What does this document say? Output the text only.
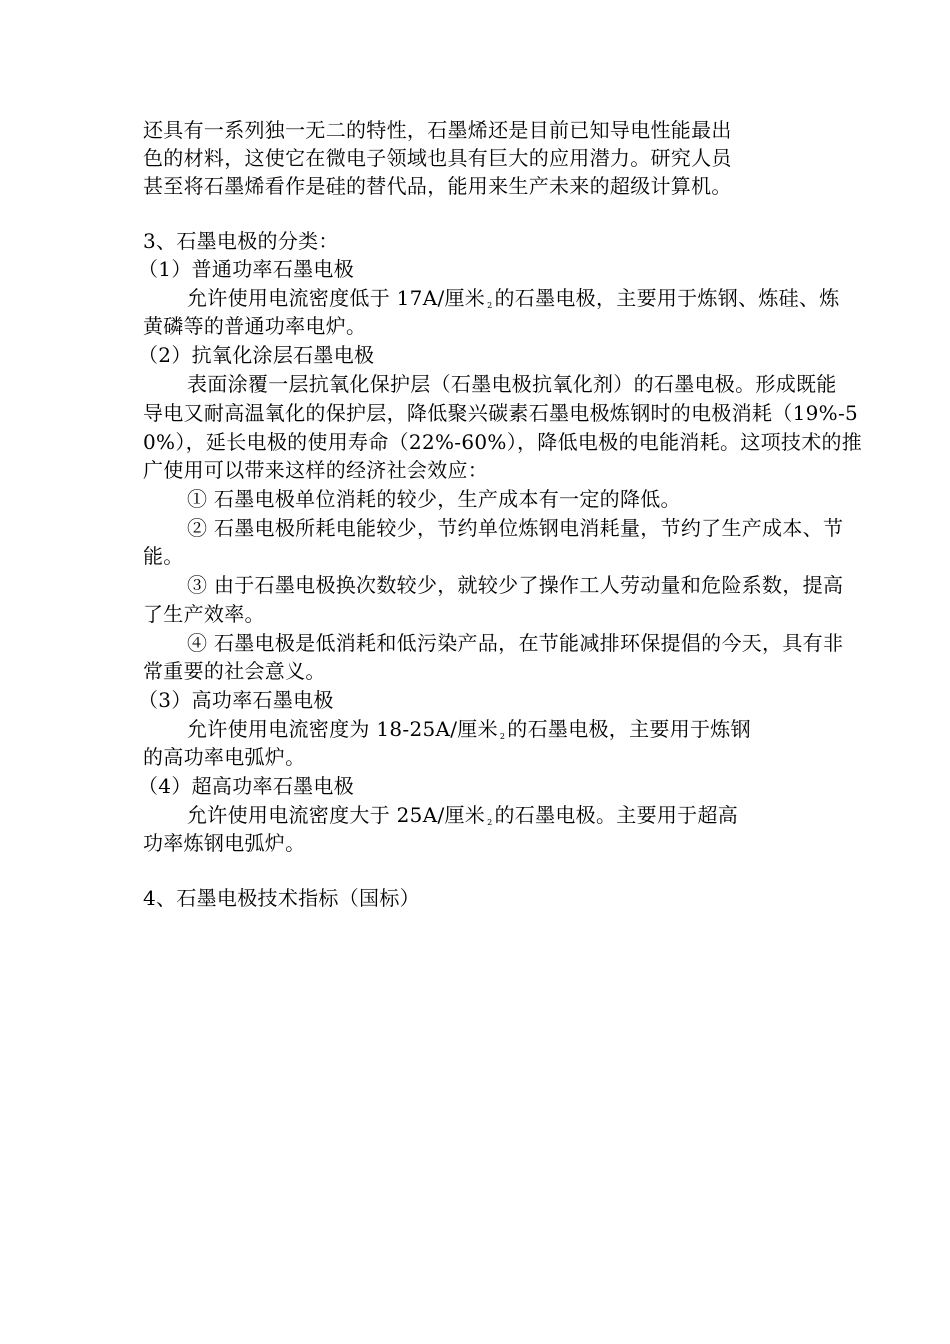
还具有一系列独一无二的特性，石墨烯还是目前已知导电性能最出
色的材料，这使它在微电子领域也具有巨大的应用潜力。研究人员
甚至将石墨烯看作是硅的替代品，能用来生产未来的超级计算机。
3、石墨电极的分类：
（1）普通功率石墨电极
允许使用电流密度低于 17A/厘米 $_2$ 的石墨电极，主要用于炼钢、炼硅、炼
黄磷等的普通功率电炉。
（2）抗氧化涂层石墨电极
表面涂覆一层抗氧化保护层（石墨电极抗氧化剂）的石墨电极。形成既能
导电又耐高温氧化的保护层，降低聚兴碳素石墨电极炼钢时的电极消耗（19%-5
0%），延长电极的使用寿命（22%-60%），降低电极的电能消耗。这项技术的推
广使用可以带来这样的经济社会效应：
① 石墨电极单位消耗的较少，生产成本有一定的降低。
② 石墨电极所耗电能较少，节约单位炼钢电消耗量，节约了生产成本、节
能。
③ 由于石墨电极换次数较少，就较少了操作工人劳动量和危险系数，提高
了生产效率。
④ 石墨电极是低消耗和低污染产品，在节能减排环保提倡的今天，具有非
常重要的社会意义。
（3）高功率石墨电极
允许使用电流密度为 18-25A/厘米 $_2$ 的石墨电极，主要用于炼钢
的高功率电弧炉。
（4）超高功率石墨电极
允许使用电流密度大于 25A/厘米 $_2$ 的石墨电极。主要用于超高
功率炼钢电弧炉。
4、石墨电极技术指标（国标）
